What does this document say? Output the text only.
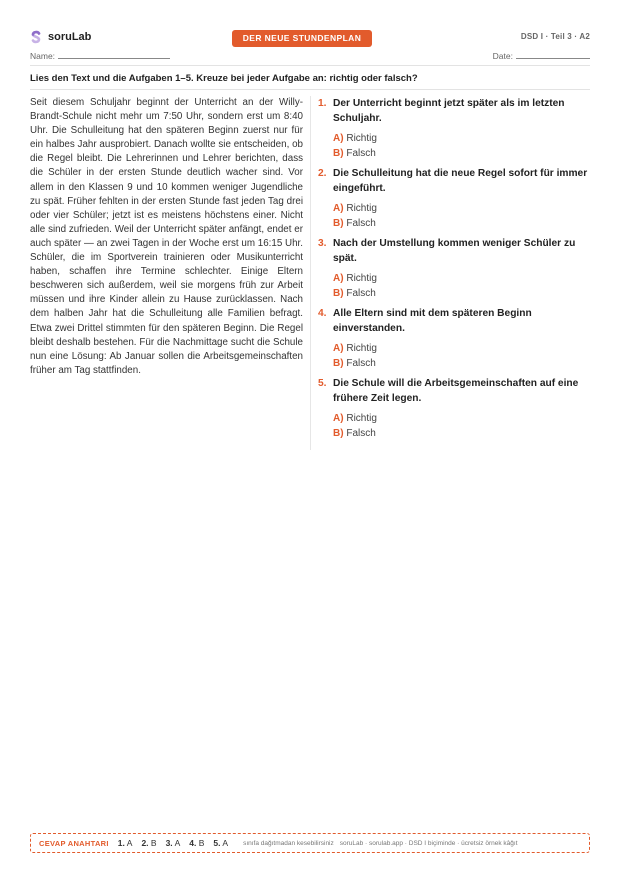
soruLab	DER NEUE STUNDENPLAN	DSD I · Teil 3 · A2
Name:	Date:
Lies den Text und die Aufgaben 1–5. Kreuze bei jeder Aufgabe an: richtig oder falsch?
Seit diesem Schuljahr beginnt der Unterricht an der Willy-Brandt-Schule nicht mehr um 7:50 Uhr, sondern erst um 8:40 Uhr. Die Schulleitung hat den späteren Beginn zuerst nur für ein halbes Jahr ausprobiert. Danach wollte sie entscheiden, ob die Regel bleibt. Die Lehrerinnen und Lehrer berichten, dass die Schüler in der ersten Stunde deutlich wacher sind. Vor allem in den Klassen 9 und 10 kommen weniger Jugendliche zu spät. Früher fehlten in der ersten Stunde fast jeden Tag drei oder vier Schüler; jetzt ist es meistens höchstens einer. Nicht alle sind zufrieden. Weil der Unterricht später anfängt, endet er auch später — an zwei Tagen in der Woche erst um 16:15 Uhr. Schüler, die im Sportverein trainieren oder Musikunterricht haben, schaffen ihre Termine schlechter. Einige Eltern beschweren sich außerdem, weil sie morgens früh zur Arbeit müssen und ihre Kinder allein zu Hause zurücklassen. Nach dem halben Jahr hat die Schulleitung alle Familien befragt. Etwa zwei Drittel stimmten für den späteren Beginn. Die Regel bleibt deshalb bestehen. Für die Nachmittage sucht die Schule nun eine Lösung: Ab Januar sollen die Arbeitsgemeinschaften früher am Tag stattfinden.
1. Der Unterricht beginnt jetzt später als im letzten Schuljahr.
A) Richtig
B) Falsch
2. Die Schulleitung hat die neue Regel sofort für immer eingeführt.
A) Richtig
B) Falsch
3. Nach der Umstellung kommen weniger Schüler zu spät.
A) Richtig
B) Falsch
4. Alle Eltern sind mit dem späteren Beginn einverstanden.
A) Richtig
B) Falsch
5. Die Schule will die Arbeitsgemeinschaften auf eine frühere Zeit legen.
A) Richtig
B) Falsch
CEVAP ANAHTARI 1. A 2. B 3. A 4. B 5. A sınıfa dağıtmadan kesebilirsiniz soruLab · sorulab.app · DSD I biçiminde · ücretsiz örnek kâğıt
